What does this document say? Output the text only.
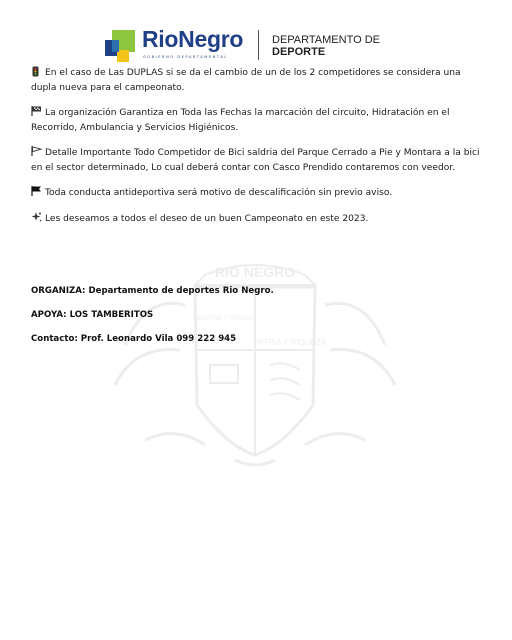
RioNegro
GOBIERNO DEPARTAMENTAL
DEPARTAMENTO DE
DEPORTE
RIO NEGRO
LIBERTAD Y TRABAJO
PATRIA Y RIQUEZA

En el caso de Las DUPLAS si se da el cambio de un de los 2 competidores se considera una dupla nueva para el campeonato.

La organización Garantiza en Toda las Fechas la marcación del circuito, Hidratación en el Recorrido, Ambulancia y Servicios Higiénicos.

Detalle Importante Todo Competidor de Bici saldria del Parque Cerrado a Pie y Montara a la bici en el sector determinado, Lo cual deberá contar con Casco Prendido contaremos con veedor.

Toda conducta antideportiva será motivo de descalificación sin previo aviso.

Les deseamos a todos el deseo de un buen Campeonato en este 2023.

ORGANIZA: Departamento de deportes Rio Negro.

APOYA: LOS TAMBERITOS

Contacto: Prof. Leonardo Vila 099 222 945
